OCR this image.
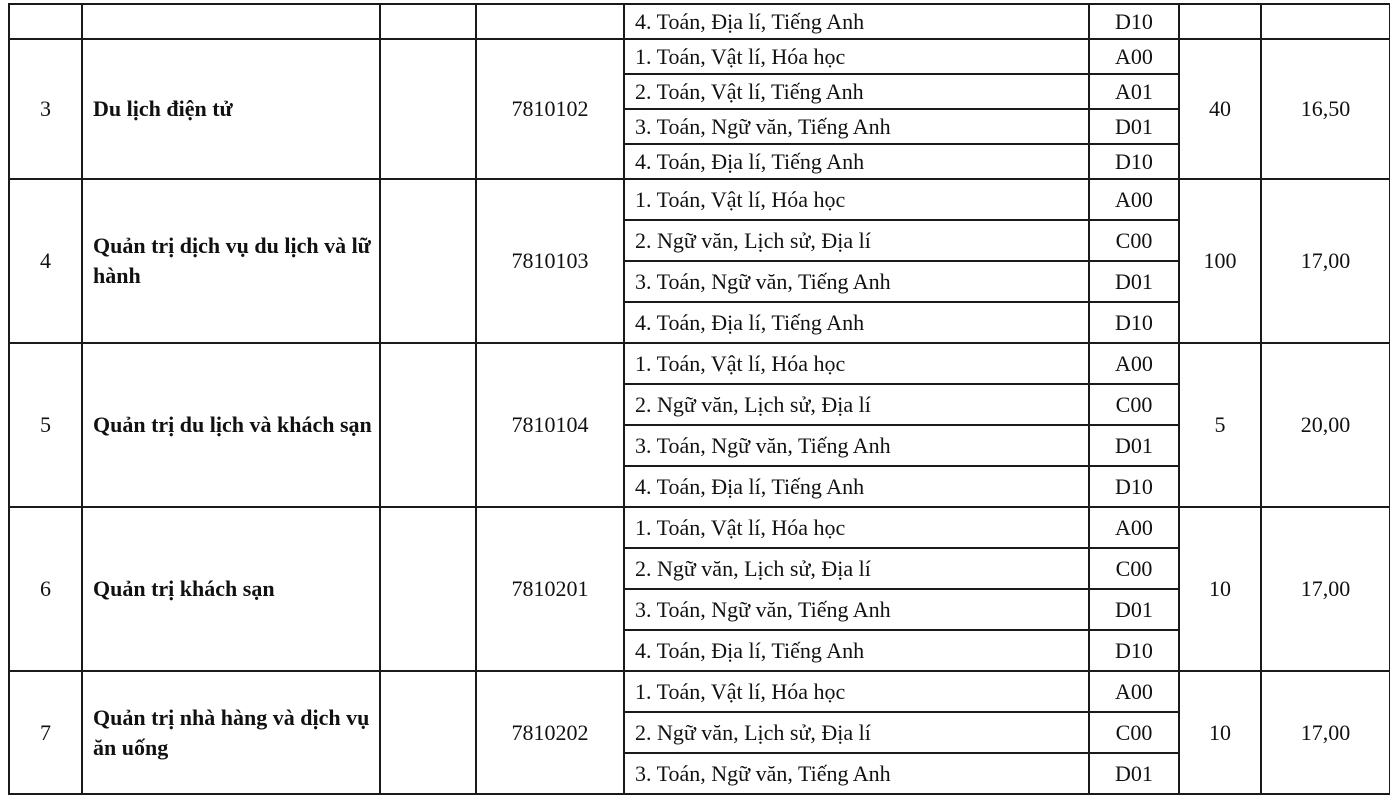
				4. Toán, Địa lí, Tiếng Anh	D10		
3	Du lịch điện tử		7810102	1. Toán, Vật lí, Hóa học	A00	40	16,50
				2. Toán, Vật lí, Tiếng Anh	A01		
				3. Toán, Ngữ văn, Tiếng Anh	D01		
				4. Toán, Địa lí, Tiếng Anh	D10		
4	Quản trị dịch vụ du lịch và lữ hành		7810103	1. Toán, Vật lí, Hóa học	A00	100	17,00
				2. Ngữ văn, Lịch sử, Địa lí	C00		
				3. Toán, Ngữ văn, Tiếng Anh	D01		
				4. Toán, Địa lí, Tiếng Anh	D10		
5	Quản trị du lịch và khách sạn		7810104	1. Toán, Vật lí, Hóa học	A00	5	20,00
				2. Ngữ văn, Lịch sử, Địa lí	C00		
				3. Toán, Ngữ văn, Tiếng Anh	D01		
				4. Toán, Địa lí, Tiếng Anh	D10		
6	Quản trị khách sạn		7810201	1. Toán, Vật lí, Hóa học	A00	10	17,00
				2. Ngữ văn, Lịch sử, Địa lí	C00		
				3. Toán, Ngữ văn, Tiếng Anh	D01		
				4. Toán, Địa lí, Tiếng Anh	D10		
7	Quản trị nhà hàng và dịch vụ ăn uống		7810202	1. Toán, Vật lí, Hóa học	A00	10	17,00
				2. Ngữ văn, Lịch sử, Địa lí	C00		
				3. Toán, Ngữ văn, Tiếng Anh	D01		
